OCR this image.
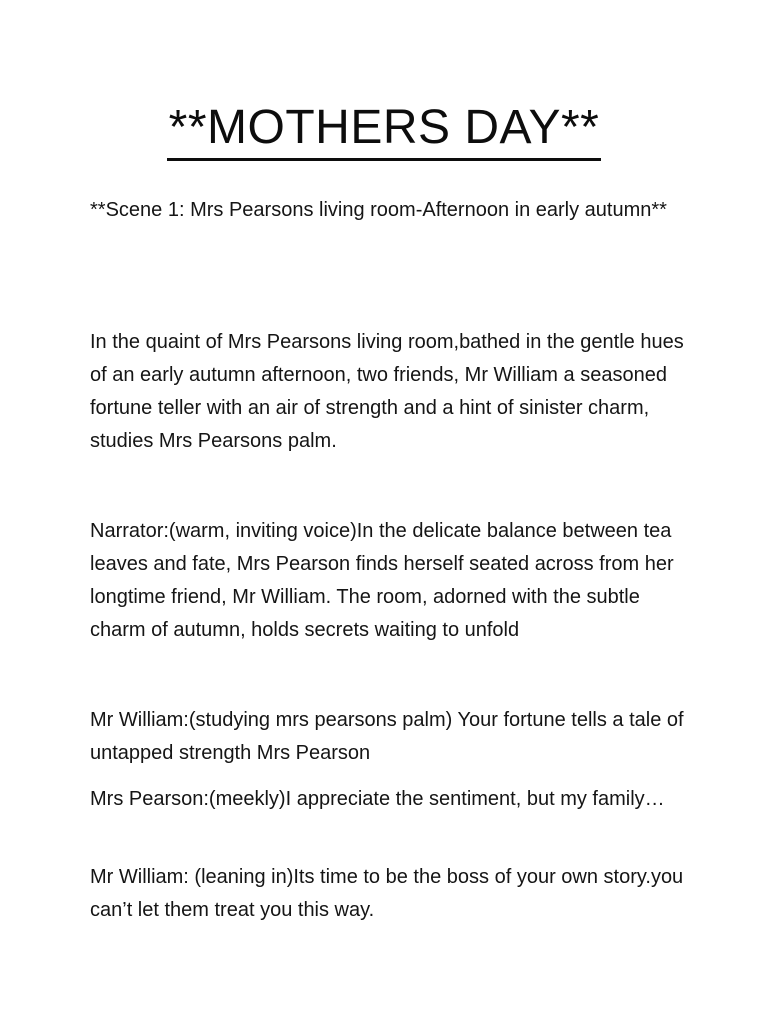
**MOTHERS DAY**

**Scene 1: Mrs Pearsons living room-Afternoon in early autumn**

In the quaint of Mrs Pearsons living room,bathed in the gentle hues of an early autumn afternoon, two friends, Mr William a seasoned fortune teller with an air of strength and a hint of sinister charm, studies Mrs Pearsons palm.

Narrator:(warm, inviting voice)In the delicate balance between tea leaves and fate, Mrs Pearson finds herself seated across from her longtime friend, Mr William. The room, adorned with the subtle charm of autumn, holds secrets waiting to unfold

Mr William:(studying mrs pearsons palm) Your fortune tells a tale of untapped strength Mrs Pearson

Mrs Pearson:(meekly)I appreciate the sentiment, but my family…

Mr William: (leaning in)Its time to be the boss of your own story.you can’t let them treat you this way.
